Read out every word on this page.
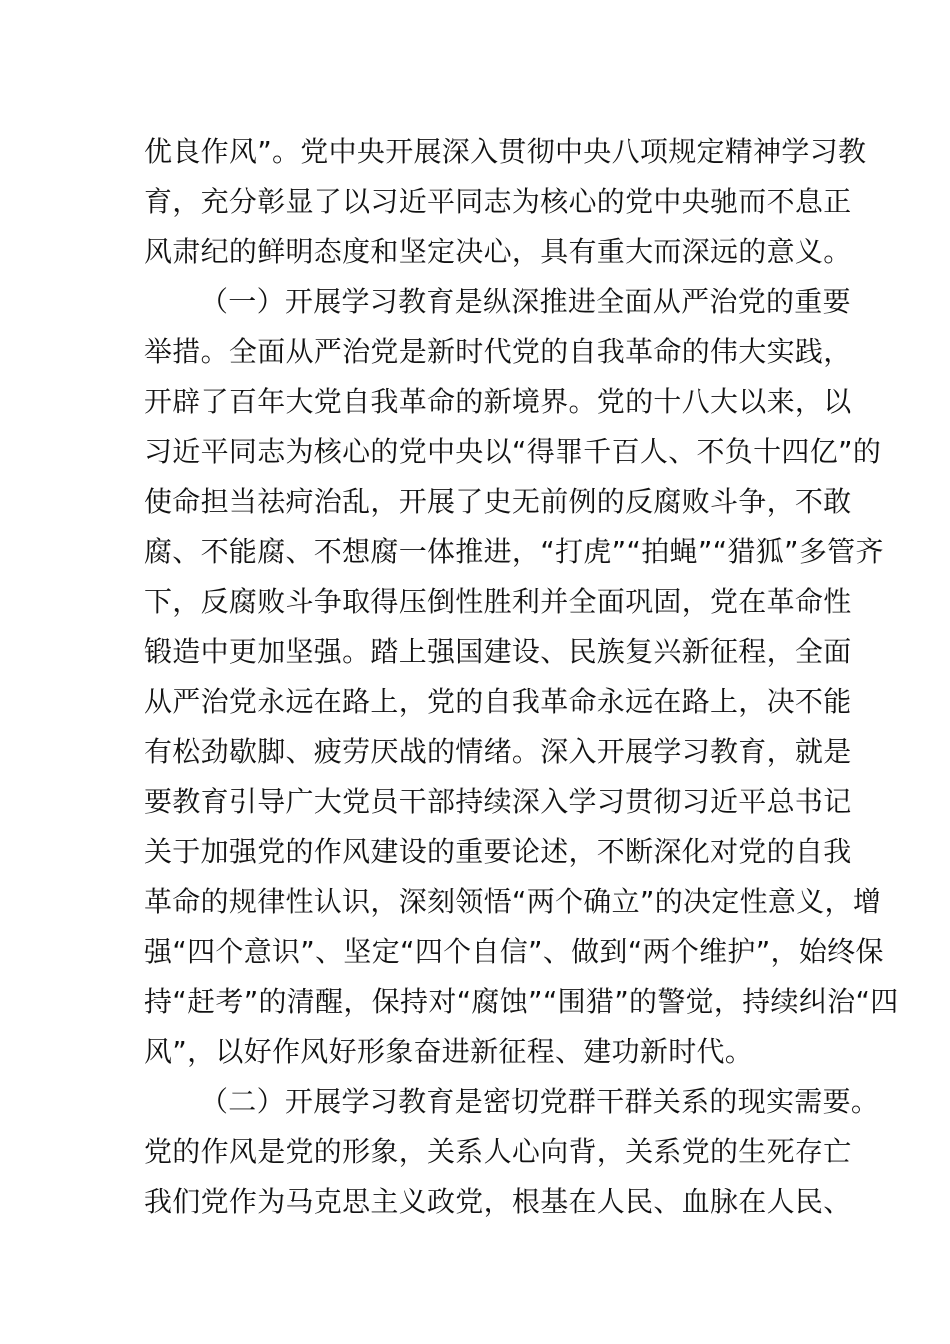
优良作风”。党中央开展深入贯彻中央八项规定精神学习教
育，充分彰显了以习近平同志为核心的党中央驰而不息正
风肃纪的鲜明态度和坚定决心，具有重大而深远的意义。
（一）开展学习教育是纵深推进全面从严治党的重要
举措。全面从严治党是新时代党的自我革命的伟大实践，
开辟了百年大党自我革命的新境界。党的十八大以来，以
习近平同志为核心的党中央以“得罪千百人、不负十四亿”的
使命担当祛疴治乱，开展了史无前例的反腐败斗争，不敢
腐、不能腐、不想腐一体推进，“打虎”“拍蝇”“猎狐”多管齐
下，反腐败斗争取得压倒性胜利并全面巩固，党在革命性
锻造中更加坚强。踏上强国建设、民族复兴新征程，全面
从严治党永远在路上，党的自我革命永远在路上，决不能
有松劲歇脚、疲劳厌战的情绪。深入开展学习教育，就是
要教育引导广大党员干部持续深入学习贯彻习近平总书记
关于加强党的作风建设的重要论述，不断深化对党的自我
革命的规律性认识，深刻领悟“两个确立”的决定性意义，增
强“四个意识”、坚定“四个自信”、做到“两个维护”，始终保
持“赶考”的清醒，保持对“腐蚀”“围猎”的警觉，持续纠治“四
风”，以好作风好形象奋进新征程、建功新时代。
（二）开展学习教育是密切党群干群关系的现实需要。
党的作风是党的形象，关系人心向背，关系党的生死存亡
我们党作为马克思主义政党，根基在人民、血脉在人民、
